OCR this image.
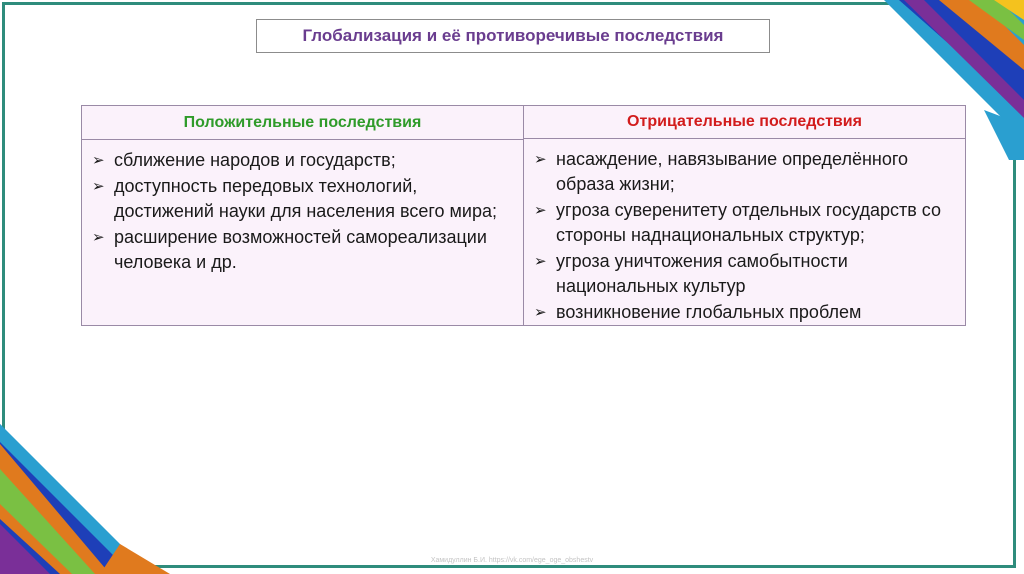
Глобализация и её противоречивые последствия
Положительные последствия
➢ сближение народов и государств;
➢ доступность передовых технологий, достижений науки для населения всего мира;
➢ расширение возможностей самореализации человека и др.
Отрицательные последствия
➢ насаждение, навязывание определённого образа жизни;
➢ угроза суверенитету отдельных государств со стороны наднациональных структур;
➢ угроза уничтожения самобытности национальных культур
➢ возникновение глобальных проблем
Хамидуллин Б.И. https://vk.com/ege_oge_obshestv
